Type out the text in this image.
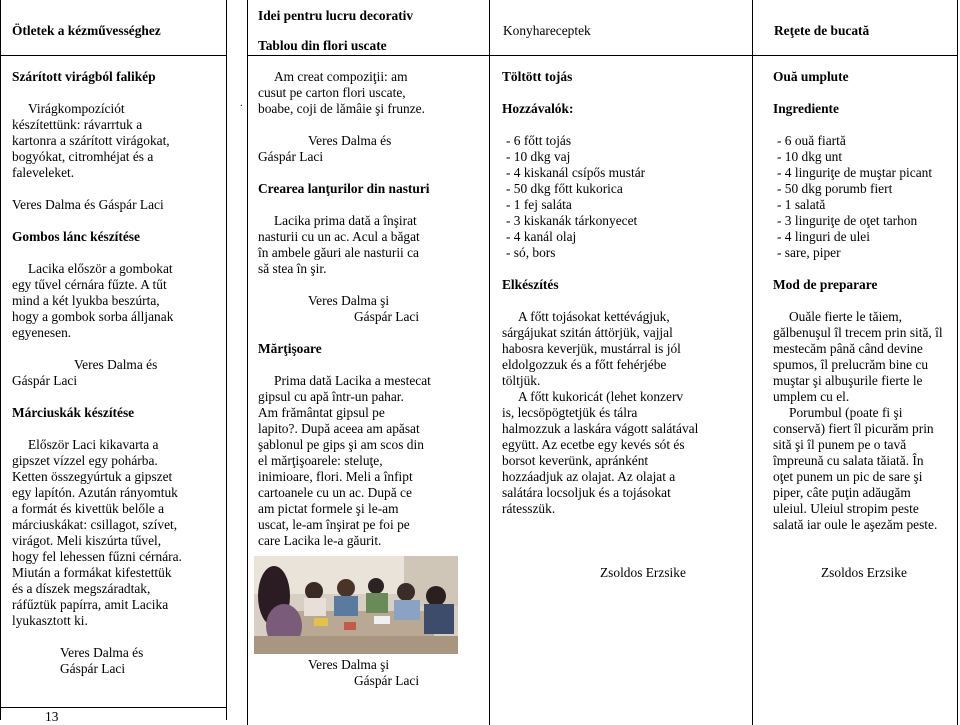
Ötletek a kézművességhez
Idei pentru lucru decorativ
Tablou din flori uscate
Konyhareceptek	Reţete de bucată
Szárított virágból falikép
Virágkompozíciót
készítettünk: rávarrtuk a
kartonra a szárított virágokat,
bogyókat, citromhéjat és a
faleveleket.
Veres Dalma és Gáspár Laci
Gombos lánc készítése
Lacika először a gombokat
egy tűvel cérnára fűzte. A tűt
mind a két lyukba beszúrta,
hogy a gombok sorba álljanak
egyenesen.
Veres Dalma és
Gáspár Laci
Márciuskák készítése
Először Laci kikavarta a
gipszet vízzel egy pohárba.
Ketten összegyúrtuk a gipszet
egy lapítón. Azután rányomtuk
a formát és kivettük belőle a
márciuskákat: csillagot, szívet,
virágot. Meli kiszúrta tűvel,
hogy fel lehessen fűzni cérnára.
Miután a formákat kifestettük
és a díszek megszáradtak,
ráfűztük papírra, amit Lacika
lyukasztott ki.
Veres Dalma és
Gáspár Laci
Am creat compoziţii: am
cusut pe carton flori uscate,
boabe, coji de lămâie şi frunze.
Veres Dalma és
Gáspár Laci
Crearea lanţurilor din nasturi
Lacika prima dată a înşirat
nasturii cu un ac. Acul a băgat
în ambele găuri ale nasturii ca
să stea în şir.
Veres Dalma şi
Gáspár Laci
Mărţişoare
Prima dată Lacika a mestecat
gipsul cu apă într-un pahar.
Am frământat gipsul pe
lapito?. După aceea am apăsat
şablonul pe gips şi am scos din
el mărţişoarele: steluţe,
inimioare, flori. Meli a înfipt
cartoanele cu un ac. După ce
am pictat formele şi le-am
uscat, le-am înşirat pe foi pe
care Lacika le-a găurit.
Veres Dalma şi
Gáspár Laci
Töltött tojás
Hozzávalók:
- 6 főtt tojás
- 10 dkg vaj
- 4 kiskanál csípős mustár
- 50 dkg főtt kukorica
- 1 fej saláta
- 3 kiskanák tárkonyecet
- 4 kanál olaj
- só, bors
Elkészítés
A főtt tojásokat kettévágjuk,
sárgájukat szitán áttörjük, vajjal
habosra keverjük, mustárral is jól
eldolgozzuk és a főtt fehérjébe
töltjük.
A főtt kukoricát (lehet konzerv
is, lecsöpögtetjük és tálra
halmozzuk a laskára vágott salátával
együtt. Az ecetbe egy kevés sót és
borsot keverünk, apránként
hozzáadjuk az olajat. Az olajat a
salátára locsoljuk és a tojásokat
rátesszük.
Zsoldos Erzsike
Ouă umplute
Ingrediente
- 6 ouă fiartă
- 10 dkg unt
- 4 linguriţe de muştar picant
- 50 dkg porumb fiert
- 1 salată
- 3 linguriţe de oţet tarhon
- 4 linguri de ulei
- sare, piper
Mod de preparare
Ouăle fierte le tăiem,
gălbenuşul îl trecem prin sită, îl
mestecăm până când devine
spumos, îl prelucrăm bine cu
muştar şi albuşurile fierte le
umplem cu el.
Porumbul (poate fi şi
conservă) fiert îl picurăm prin
sită şi îl punem pe o tavă
împreună cu salata tăiată. În
oţet punem un pic de sare şi
piper, câte puţin adăugăm
uleiul. Uleiul stropim peste
salată iar oule le aşezăm peste.
Zsoldos Erzsike
.
13
